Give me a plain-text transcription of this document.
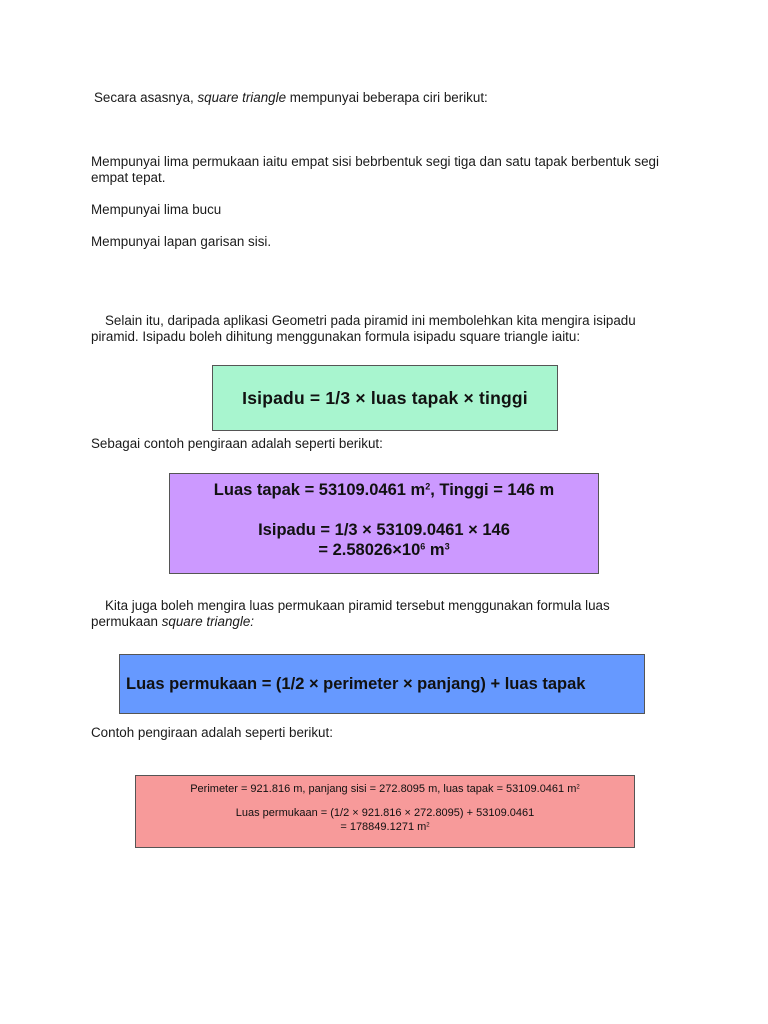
Secara asasnya, square triangle mempunyai beberapa ciri berikut:

Mempunyai lima permukaan iaitu empat sisi bebrbentuk segi tiga dan satu tapak berbentuk segi empat tepat.

Mempunyai lima bucu

Mempunyai lapan garisan sisi.

Selain itu, daripada aplikasi Geometri pada piramid ini membolehkan kita mengira isipadu piramid. Isipadu boleh dihitung menggunakan formula isipadu square triangle iaitu:

Isipadu = 1/3 × luas tapak × tinggi

Sebagai contoh pengiraan adalah seperti berikut:

Luas tapak = 53109.0461 $m^2$, Tinggi = 146 m
Isipadu = 1/3 × 53109.0461 × 146
= $2.58026\times 10^6$ $m^3$

Kita juga boleh mengira luas permukaan piramid tersebut menggunakan formula luas permukaan square triangle:

Luas permukaan = (1/2 × perimeter × panjang) + luas tapak

Contoh pengiraan adalah seperti berikut:

Perimeter = 921.816 m, panjang sisi = 272.8095 m, luas tapak = 53109.0461 $m^2$
Luas permukaan = (1/2 × 921.816 × 272.8095) + 53109.0461
= 178849.1271 $m^2$
